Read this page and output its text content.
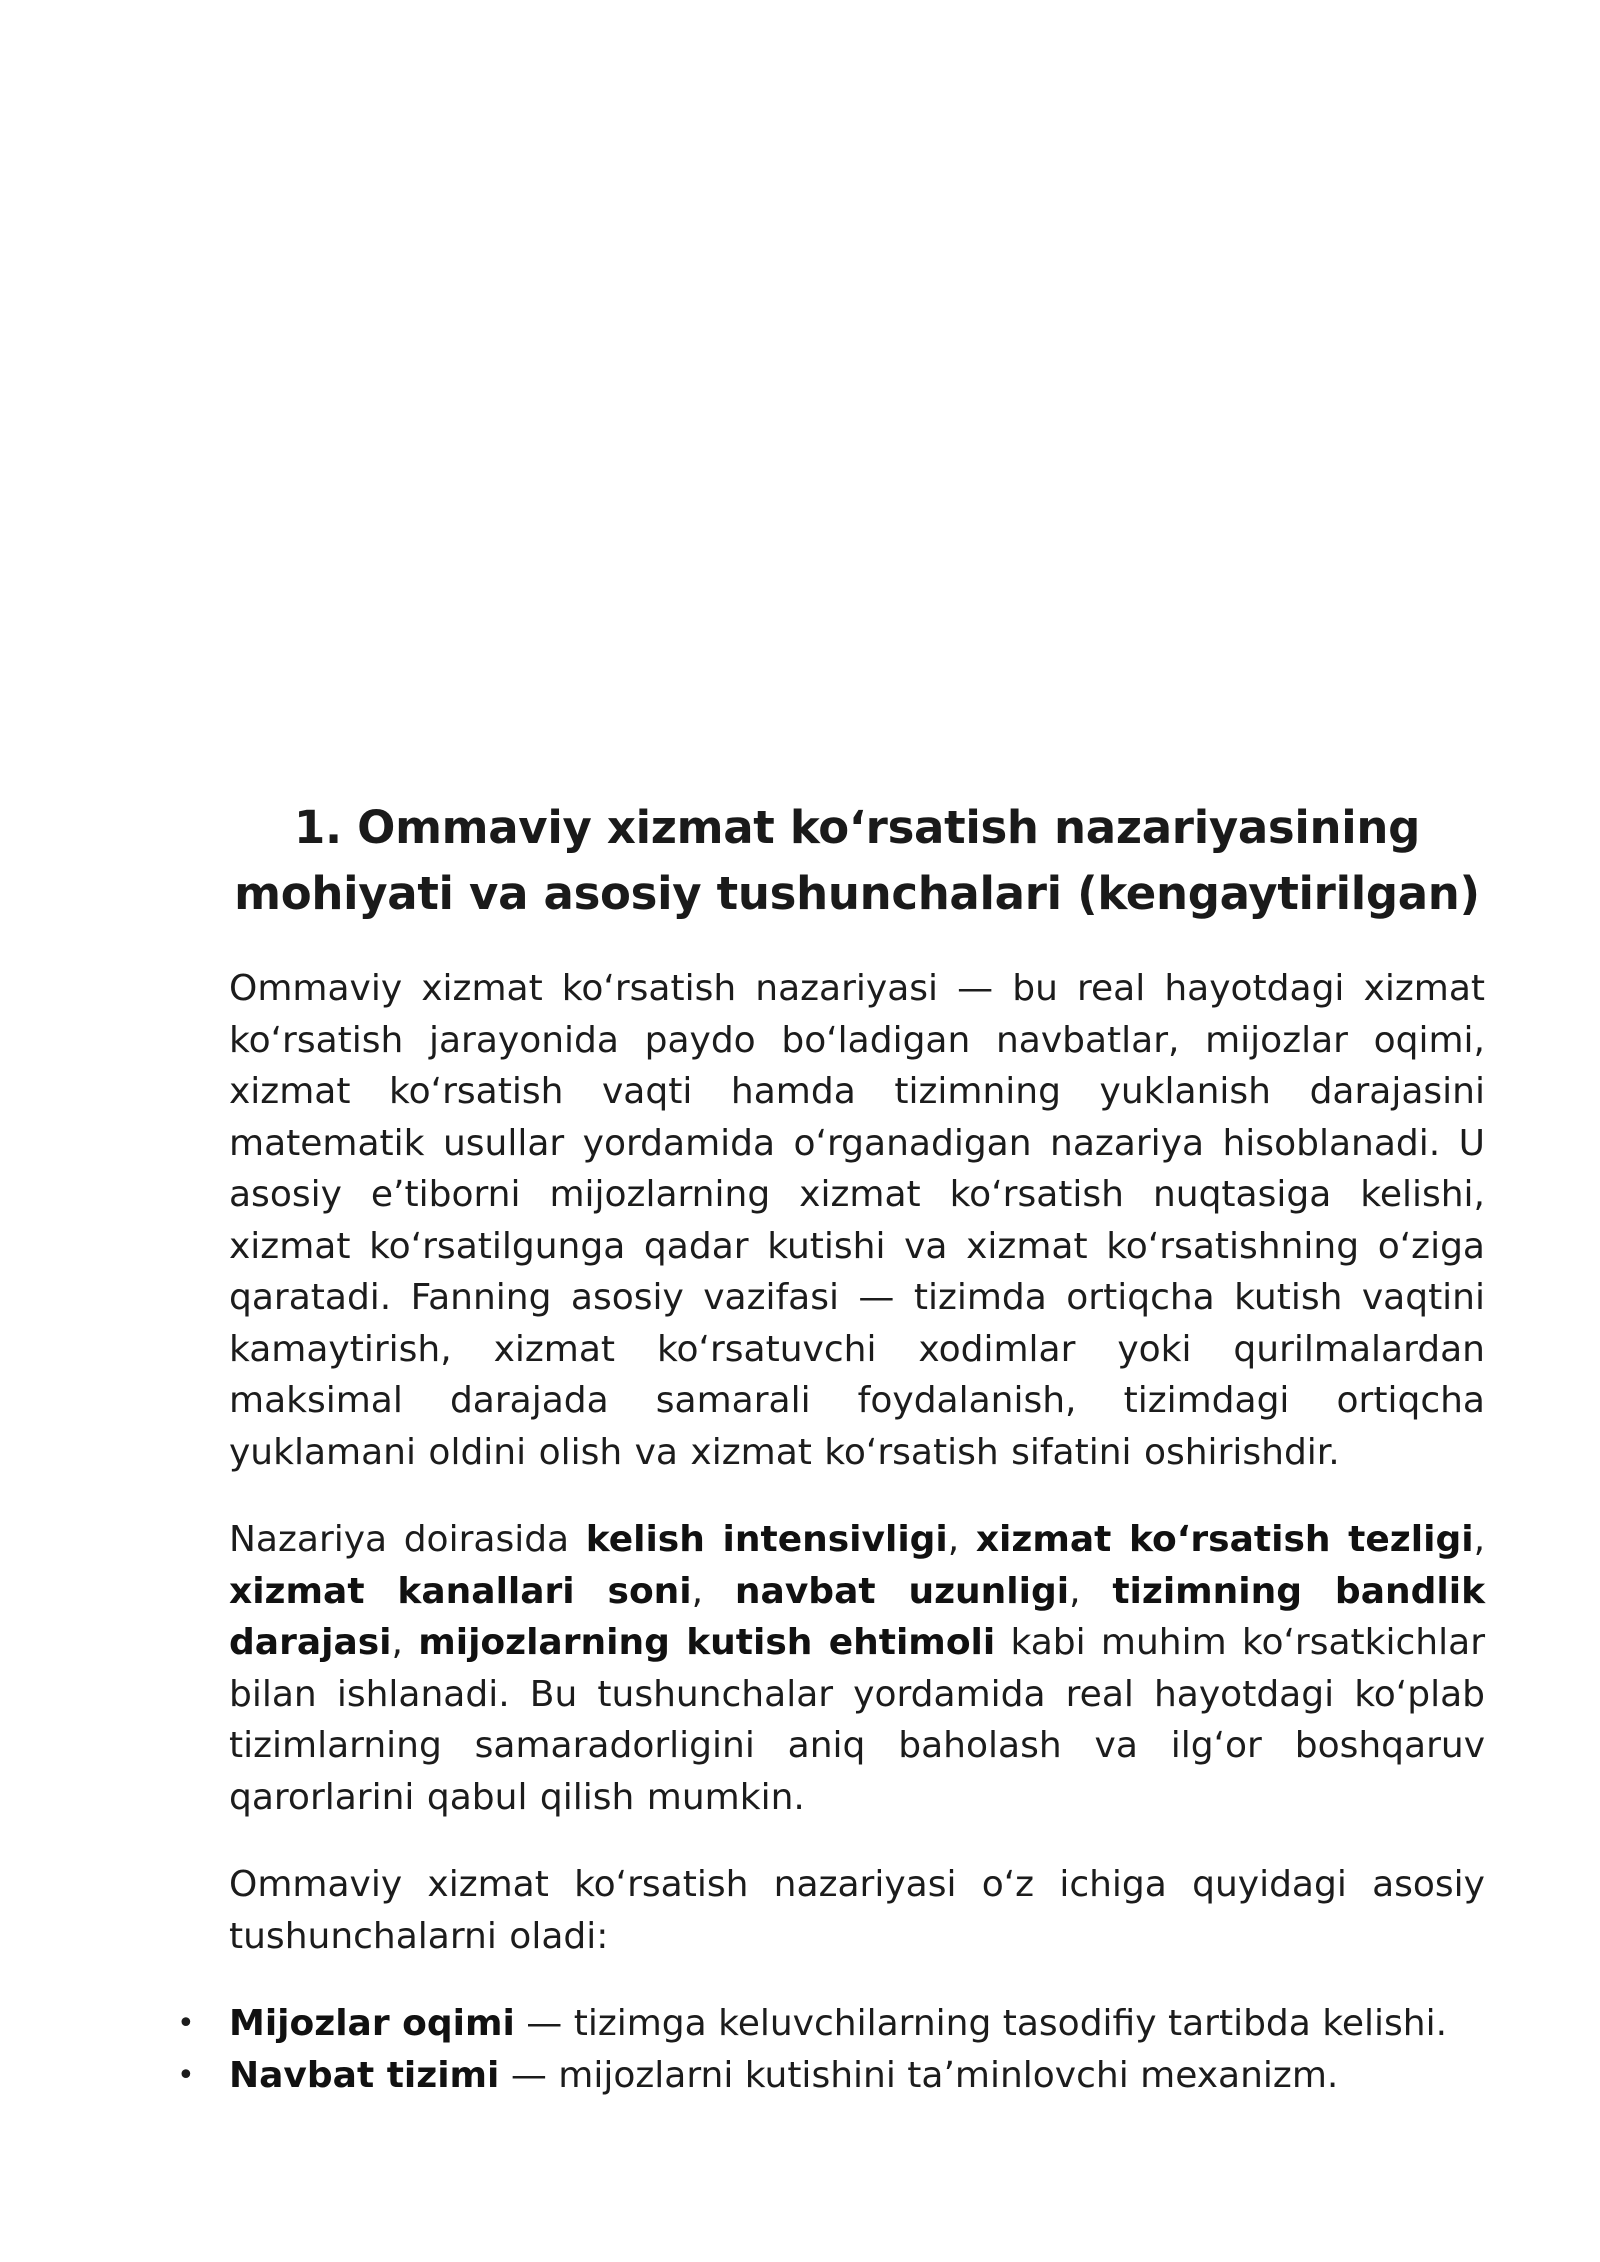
1. Ommaviy xizmat koʻrsatish nazariyasining
mohiyati va asosiy tushunchalari (kengaytirilgan)

Ommaviy xizmat koʻrsatish nazariyasi — bu real hayotdagi xizmat koʻrsatish jarayonida paydo boʻladigan navbatlar, mijozlar oqimi, xizmat koʻrsatish vaqti hamda tizimning yuklanish darajasini matematik usullar yordamida oʻrganadigan nazariya hisoblanadi. U asosiy e’tiborni mijozlarning xizmat koʻrsatish nuqtasiga kelishi, xizmat koʻrsatilgunga qadar kutishi va xizmat koʻrsatishning oʻziga qaratadi. Fanning asosiy vazifasi — tizimda ortiqcha kutish vaqtini kamaytirish, xizmat koʻrsatuvchi xodimlar yoki qurilmalardan maksimal darajada samarali foydalanish, tizimdagi ortiqcha yuklamani oldini olish va xizmat koʻrsatish sifatini oshirishdir.

Nazariya doirasida kelish intensivligi, xizmat koʻrsatish tezligi, xizmat kanallari soni, navbat uzunligi, tizimning bandlik darajasi, mijozlarning kutish ehtimoli kabi muhim koʻrsatkichlar bilan ishlanadi. Bu tushunchalar yordamida real hayotdagi koʻplab tizimlarning samaradorligini aniq baholash va ilgʻor boshqaruv qarorlarini qabul qilish mumkin.

Ommaviy xizmat koʻrsatish nazariyasi oʻz ichiga quyidagi asosiy tushunchalarni oladi:

• Mijozlar oqimi — tizimga keluvchilarning tasodifiy tartibda kelishi.
• Navbat tizimi — mijozlarni kutishini ta’minlovchi mexanizm.
